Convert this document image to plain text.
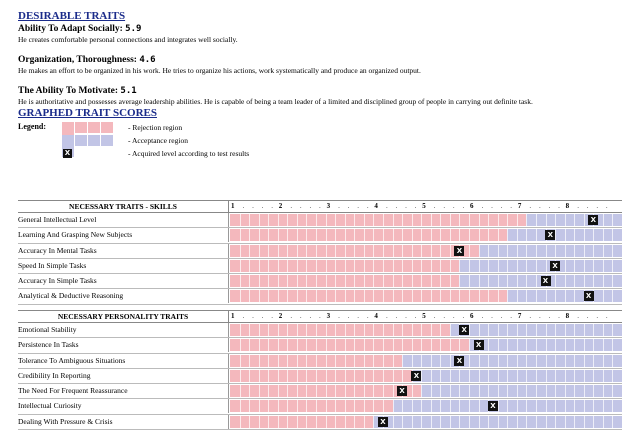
DESIRABLE TRAITS
Ability To Adapt Socially: 5.9
He creates comfortable personal connections and integrates well socially.
Organization, Thoroughness: 4.6
He makes an effort to be organized in his work. He tries to organize his actions, work systematically and produce an organized output.
The Ability To Motivate: 5.1
He is authoritative and possesses average leadership abilities. He is capable of being a team leader of a limited and disciplined group of people in carrying out definite task.
GRAPHED TRAIT SCORES
Legend:	- Rejection region
- Acceptance region
X	- Acquired level according to test results
NECESSARY TRAITS - SKILLS	1 . . . . 2 . . . . 3 . . . . 4 . . . . 5 . . . . 6 . . . . 7 . . . . 8 . . . .
General Intellectual Level	X
Learning And Grasping New Subjects	X
Accuracy In Mental Tasks	X
Speed In Simple Tasks	X
Accuracy In Simple Tasks	X
Analytical & Deductive Reasoning	X
NECESSARY PERSONALITY TRAITS	1 . . . . 2 . . . . 3 . . . . 4 . . . . 5 . . . . 6 . . . . 7 . . . . 8 . . . .
Emotional Stability	X
Persistence In Tasks	X
Tolerance To Ambiguous Situations	X
Credibility In Reporting	X
The Need For Frequent Reassurance	X
Intellectual Curiosity	X
Dealing With Pressure & Crisis	X
